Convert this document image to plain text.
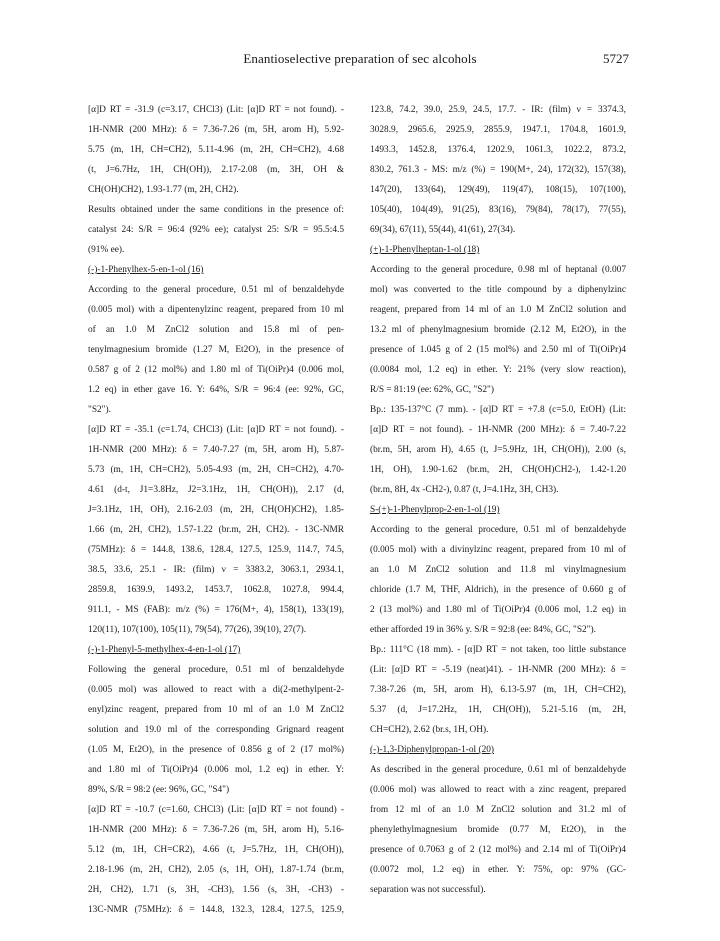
Enantioselective preparation of sec alcohols	5727
[α]D RT = -31.9 (c=3.17, CHCl3) (Lit: [α]D RT = not found). -
1H-NMR (200 MHz): δ = 7.36-7.26 (m, 5H, arom H), 5.92-
5.75 (m, 1H, CH=CH2), 5.11-4.96 (m, 2H, CH=CH2), 4.68
(t, J=6.7Hz, 1H, CH(OH)), 2.17-2.08 (m, 3H, OH &
CH(OH)CH2), 1.93-1.77 (m, 2H, CH2).
Results obtained under the same conditions in the presence of:
catalyst 24: S/R = 96:4 (92% ee); catalyst 25: S/R = 95.5:4.5
(91% ee).
(-)-1-Phenylhex-5-en-1-ol (16)
According to the general procedure, 0.51 ml of benzaldehyde
(0.005 mol) with a dipentenylzinc reagent, prepared from 10 ml
of an 1.0 M ZnCl2 solution and 15.8 ml of pen-
tenylmagnesium bromide (1.27 M, Et2O), in the presence of
0.587 g of 2 (12 mol%) and 1.80 ml of Ti(OiPr)4 (0.006 mol,
1.2 eq) in ether gave 16. Y: 64%, S/R = 96:4 (ee: 92%, GC,
"S2").
[α]D RT = -35.1 (c=1.74, CHCl3) (Lit: [α]D RT = not found). -
1H-NMR (200 MHz): δ = 7.40-7.27 (m, 5H, arom H), 5.87-
5.73 (m, 1H, CH=CH2), 5.05-4.93 (m, 2H, CH=CH2), 4.70-
4.61 (d-t, J1=3.8Hz, J2=3.1Hz, 1H, CH(OH)), 2.17 (d,
J=3.1Hz, 1H, OH), 2.16-2.03 (m, 2H, CH(OH)CH2), 1.85-
1.66 (m, 2H, CH2), 1.57-1.22 (br.m, 2H, CH2). - 13C-NMR
(75MHz): δ = 144.8, 138.6, 128.4, 127.5, 125.9, 114.7, 74.5,
38.5, 33.6, 25.1 - IR: (film) ν = 3383.2, 3063.1, 2934.1,
2859.8, 1639.9, 1493.2, 1453.7, 1062.8, 1027.8, 994.4,
911.1, - MS (FAB): m/z (%) = 176(M+, 4), 158(1), 133(19),
120(11), 107(100), 105(11), 79(54), 77(26), 39(10), 27(7).
(-)-1-Phenyl-5-methylhex-4-en-1-ol (17)
Following the general procedure, 0.51 ml of benzaldehyde
(0.005 mol) was allowed to react with a di(2-methylpent-2-
enyl)zinc reagent, prepared from 10 ml of an 1.0 M ZnCl2
solution and 19.0 ml of the corresponding Grignard reagent
(1.05 M, Et2O), in the presence of 0.856 g of 2 (17 mol%)
and 1.80 ml of Ti(OiPr)4 (0.006 mol, 1.2 eq) in ether. Y:
89%, S/R = 98:2 (ee: 96%, GC, "S4")
[α]D RT = -10.7 (c=1.60, CHCl3) (Lit: [α]D RT = not found) -
1H-NMR (200 MHz): δ = 7.36-7.26 (m, 5H, arom H), 5.16-
5.12 (m, 1H, CH=CR2), 4.66 (t, J=5.7Hz, 1H, CH(OH)),
2.18-1.96 (m, 2H, CH2), 2.05 (s, 1H, OH), 1.87-1.74 (br.m,
2H, CH2), 1.71 (s, 3H, -CH3), 1.56 (s, 3H, -CH3) -
13C-NMR (75MHz): δ = 144.8, 132.3, 128.4, 127.5, 125.9,
123.8, 74.2, 39.0, 25.9, 24.5, 17.7. - IR: (film) ν = 3374.3,
3028.9, 2965.6, 2925.9, 2855.9, 1947.1, 1704.8, 1601.9,
1493.3, 1452.8, 1376.4, 1202.9, 1061.3, 1022.2, 873.2,
830.2, 761.3 - MS: m/z (%) = 190(M+, 24), 172(32), 157(38),
147(20), 133(64), 129(49), 119(47), 108(15), 107(100),
105(40), 104(49), 91(25), 83(16), 79(84), 78(17), 77(55),
69(34), 67(11), 55(44), 41(61), 27(34).
(+)-1-Phenylheptan-1-ol (18)
According to the general procedure, 0.98 ml of heptanal (0.007
mol) was converted to the title compound by a diphenylzinc
reagent, prepared from 14 ml of an 1.0 M ZnCl2 solution and
13.2 ml of phenylmagnesium bromide (2.12 M, Et2O), in the
presence of 1.045 g of 2 (15 mol%) and 2.50 ml of Ti(OiPr)4
(0.0084 mol, 1.2 eq) in ether. Y: 21% (very slow reaction),
R/S = 81:19 (ee: 62%, GC, "S2")
Bp.: 135-137°C (7 mm). - [α]D RT = +7.8 (c=5.0, EtOH) (Lit:
[α]D RT = not found). - 1H-NMR (200 MHz): δ = 7.40-7.22
(br.m, 5H, arom H), 4.65 (t, J=5.9Hz, 1H, CH(OH)), 2.00 (s,
1H, OH), 1.90-1.62 (br.m, 2H, CH(OH)CH2-), 1.42-1.20
(br.m, 8H, 4x -CH2-), 0.87 (t, J=4.1Hz, 3H, CH3).
S-(+)-1-Phenylprop-2-en-1-ol (19)
According to the general procedure, 0.51 ml of benzaldehyde
(0.005 mol) with a divinylzinc reagent, prepared from 10 ml of
an 1.0 M ZnCl2 solution and 11.8 ml vinylmagnesium
chloride (1.7 M, THF, Aldrich), in the presence of 0.660 g of
2 (13 mol%) and 1.80 ml of Ti(OiPr)4 (0.006 mol, 1.2 eq) in
ether afforded 19 in 36% y. S/R = 92:8 (ee: 84%, GC, "S2").
Bp.: 111°C (18 mm). - [α]D RT = not taken, too little substance
(Lit: [α]D RT = -5.19 (neat)41). - 1H-NMR (200 MHz): δ =
7.38-7.26 (m, 5H, arom H), 6.13-5.97 (m, 1H, CH=CH2),
5.37 (d, J=17.2Hz, 1H, CH(OH)), 5.21-5.16 (m, 2H,
CH=CH2), 2.62 (br.s, 1H, OH).
(-)-1,3-Diphenylpropan-1-ol (20)
As described in the general procedure, 0.61 ml of benzaldehyde
(0.006 mol) was allowed to react with a zinc reagent, prepared
from 12 ml of an 1.0 M ZnCl2 solution and 31.2 ml of
phenylethylmagnesium bromide (0.77 M, Et2O), in the
presence of 0.7063 g of 2 (12 mol%) and 2.14 ml of Ti(OiPr)4
(0.0072 mol, 1.2 eq) in ether. Y: 75%, op: 97% (GC-
separation was not successful).
